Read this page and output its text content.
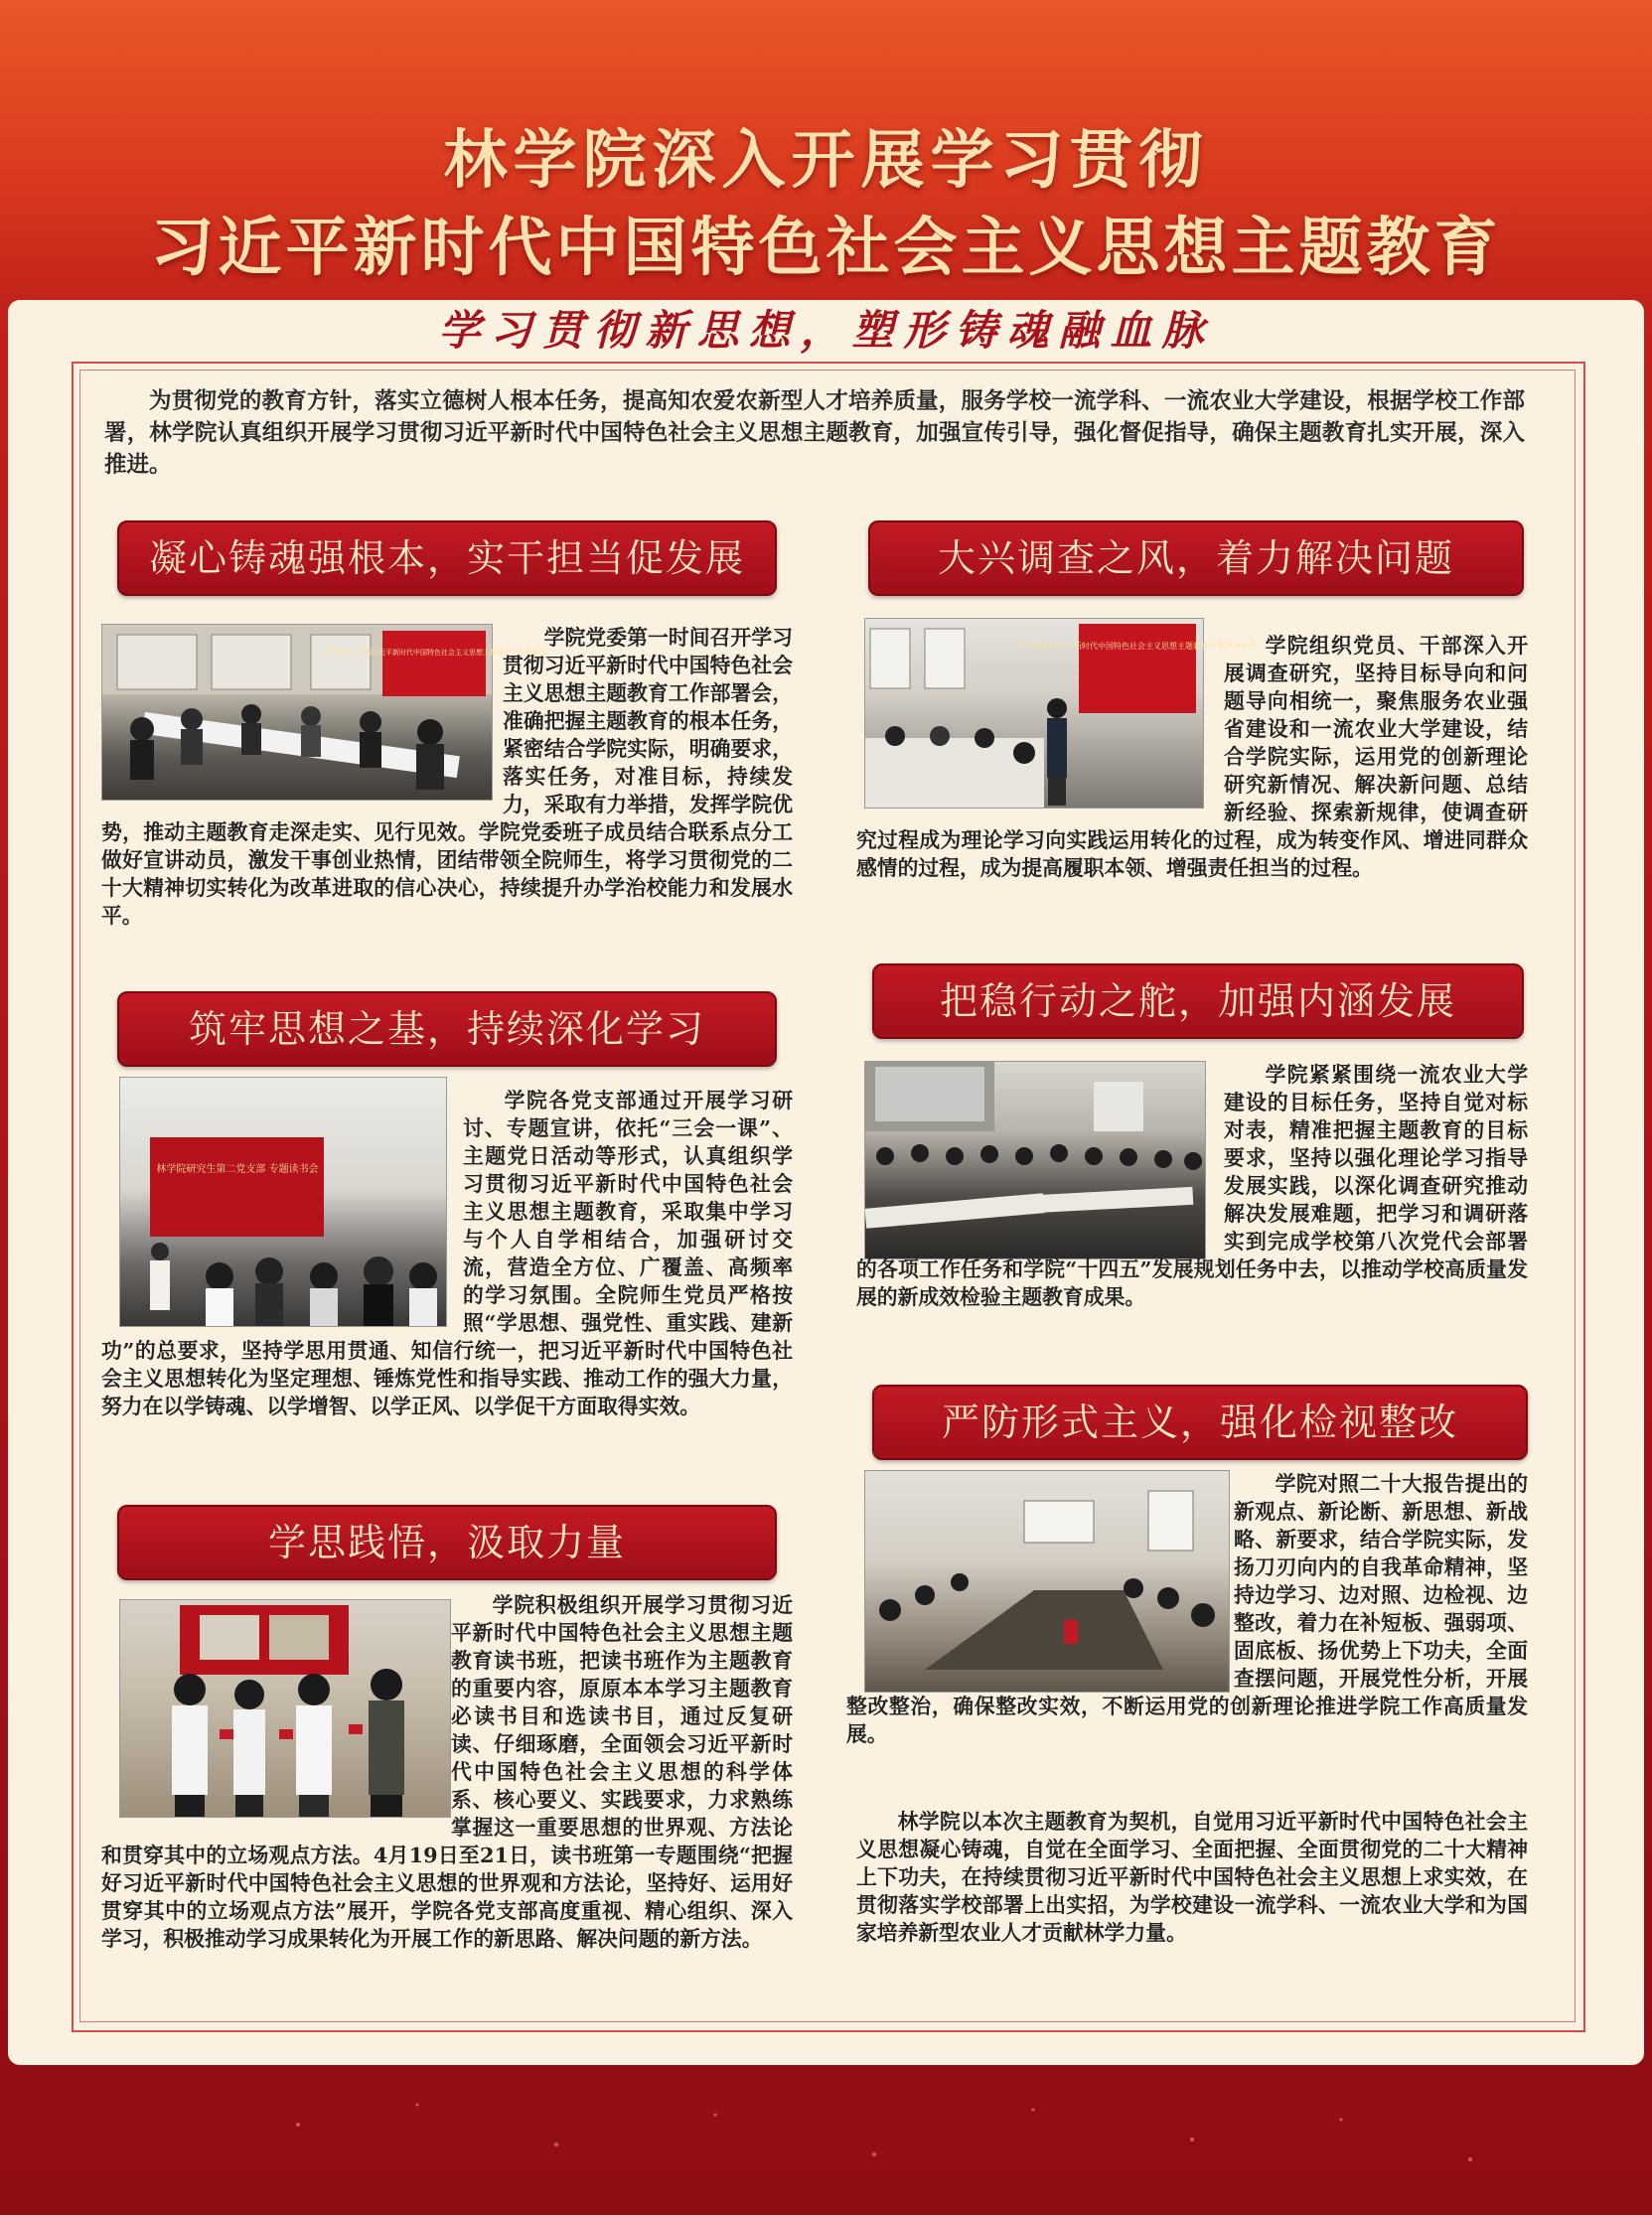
林学院深入开展学习贯彻
习近平新时代中国特色社会主义思想主题教育
学习贯彻新思想，塑形铸魂融血脉
为贯彻党的教育方针，落实立德树人根本任务，提高知农爱农新型人才培养质量，服务学校一流学科、一流农业大学建设，根据学校工作部署，林学院认真组织开展学习贯彻习近平新时代中国特色社会主义思想主题教育，加强宣传引导，强化督促指导，确保主题教育扎实开展，深入推进。
凝心铸魂强根本，实干担当促发展
林学院学习贯彻习近平新时代中国特色社会主义思想主题教育工作部署会
学院党委第一时间召开学习贯彻习近平新时代中国特色社会主义思想主题教育工作部署会，准确把握主题教育的根本任务，紧密结合学院实际，明确要求，落实任务，对准目标，持续发力，采取有力举措，发挥学院优势，推动主题教育走深走实、见行见效。学院党委班子成员结合联系点分工做好宣讲动员，激发干事创业热情，团结带领全院师生，将学习贯彻党的二十大精神切实转化为改革进取的信心决心，持续提升办学治校能力和发展水平。
筑牢思想之基，持续深化学习
林学院研究生第二党支部 专题读书会
学院各党支部通过开展学习研讨、专题宣讲，依托“三会一课”、主题党日活动等形式，认真组织学习贯彻习近平新时代中国特色社会主义思想主题教育，采取集中学习与个人自学相结合，加强研讨交流，营造全方位、广覆盖、高频率的学习氛围。全院师生党员严格按照“学思想、强党性、重实践、建新功”的总要求，坚持学思用贯通、知信行统一，把习近平新时代中国特色社会主义思想转化为坚定理想、锤炼党性和指导实践、推动工作的强大力量，努力在以学铸魂、以学增智、以学正风、以学促干方面取得实效。
学思践悟，汲取力量
学院积极组织开展学习贯彻习近平新时代中国特色社会主义思想主题教育读书班，把读书班作为主题教育的重要内容，原原本本学习主题教育必读书目和选读书目，通过反复研读、仔细琢磨，全面领会习近平新时代中国特色社会主义思想的科学体系、核心要义、实践要求，力求熟练掌握这一重要思想的世界观、方法论和贯穿其中的立场观点方法。4月19日至21日，读书班第一专题围绕“把握好习近平新时代中国特色社会主义思想的世界观和方法论，坚持好、运用好贯穿其中的立场观点方法”展开，学院各党支部高度重视、精心组织、深入学习，积极推动学习成果转化为开展工作的新思路、解决问题的新方法。
大兴调查之风，着力解决问题
学习贯彻习近平新时代中国特色社会主义思想主题教育专题辅导报告 学院组织党员、干部深入开展调查研究，坚持目标导向和问题导向相统一，聚焦服务农业强省建设和一流农业大学建设，结合学院实际，运用党的创新理论研究新情况、解决新问题、总结新经验、探索新规律，使调查研究过程成为理论学习向实践运用转化的过程，成为转变作风、增进同群众感情的过程，成为提高履职本领、增强责任担当的过程。
把稳行动之舵，加强内涵发展
学院紧紧围绕一流农业大学建设的目标任务，坚持自觉对标对表，精准把握主题教育的目标要求，坚持以强化理论学习指导发展实践，以深化调查研究推动解决发展难题，把学习和调研落实到完成学校第八次党代会部署的各项工作任务和学院“十四五”发展规划任务中去，以推动学校高质量发展的新成效检验主题教育成果。
严防形式主义，强化检视整改
学院对照二十大报告提出的新观点、新论断、新思想、新战略、新要求，结合学院实际，发扬刀刃向内的自我革命精神，坚持边学习、边对照、边检视、边整改，着力在补短板、强弱项、固底板、扬优势上下功夫，全面查摆问题，开展党性分析，开展整改整治，确保整改实效，不断运用党的创新理论推进学院工作高质量发展。
林学院以本次主题教育为契机，自觉用习近平新时代中国特色社会主义思想凝心铸魂，自觉在全面学习、全面把握、全面贯彻党的二十大精神上下功夫，在持续贯彻习近平新时代中国特色社会主义思想上求实效，在贯彻落实学校部署上出实招，为学校建设一流学科、一流农业大学和为国家培养新型农业人才贡献林学力量。
